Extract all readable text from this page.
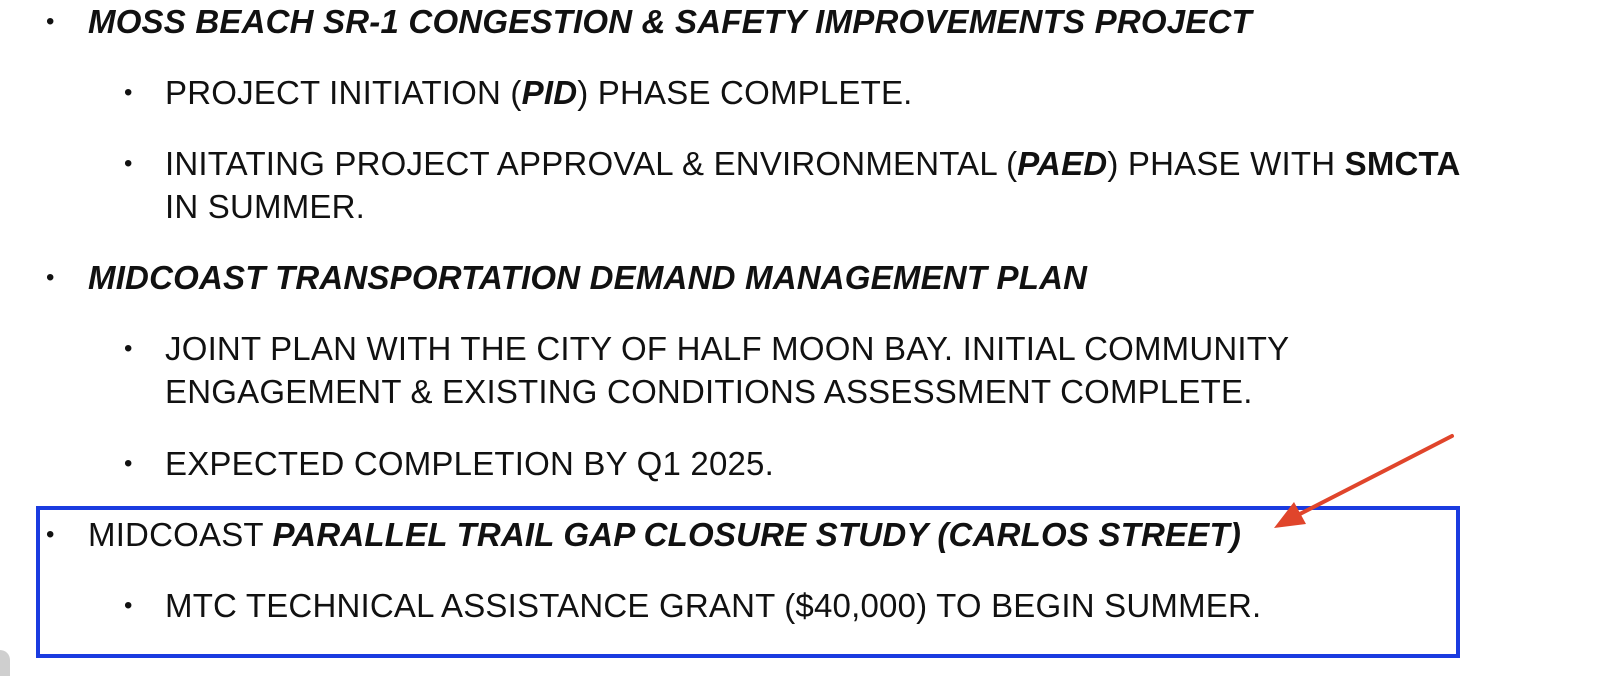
• MOSS BEACH SR-1 CONGESTION & SAFETY IMPROVEMENTS PROJECT
• PROJECT INITIATION (PID) PHASE COMPLETE.
• INITATING PROJECT APPROVAL & ENVIRONMENTAL (PAED) PHASE WITH SMCTA
IN SUMMER.
• MIDCOAST TRANSPORTATION DEMAND MANAGEMENT PLAN
• JOINT PLAN WITH THE CITY OF HALF MOON BAY. INITIAL COMMUNITY
ENGAGEMENT & EXISTING CONDITIONS ASSESSMENT COMPLETE.
• EXPECTED COMPLETION BY Q1 2025.
• MIDCOAST PARALLEL TRAIL GAP CLOSURE STUDY (CARLOS STREET)
• MTC TECHNICAL ASSISTANCE GRANT ($40,000) TO BEGIN SUMMER.
